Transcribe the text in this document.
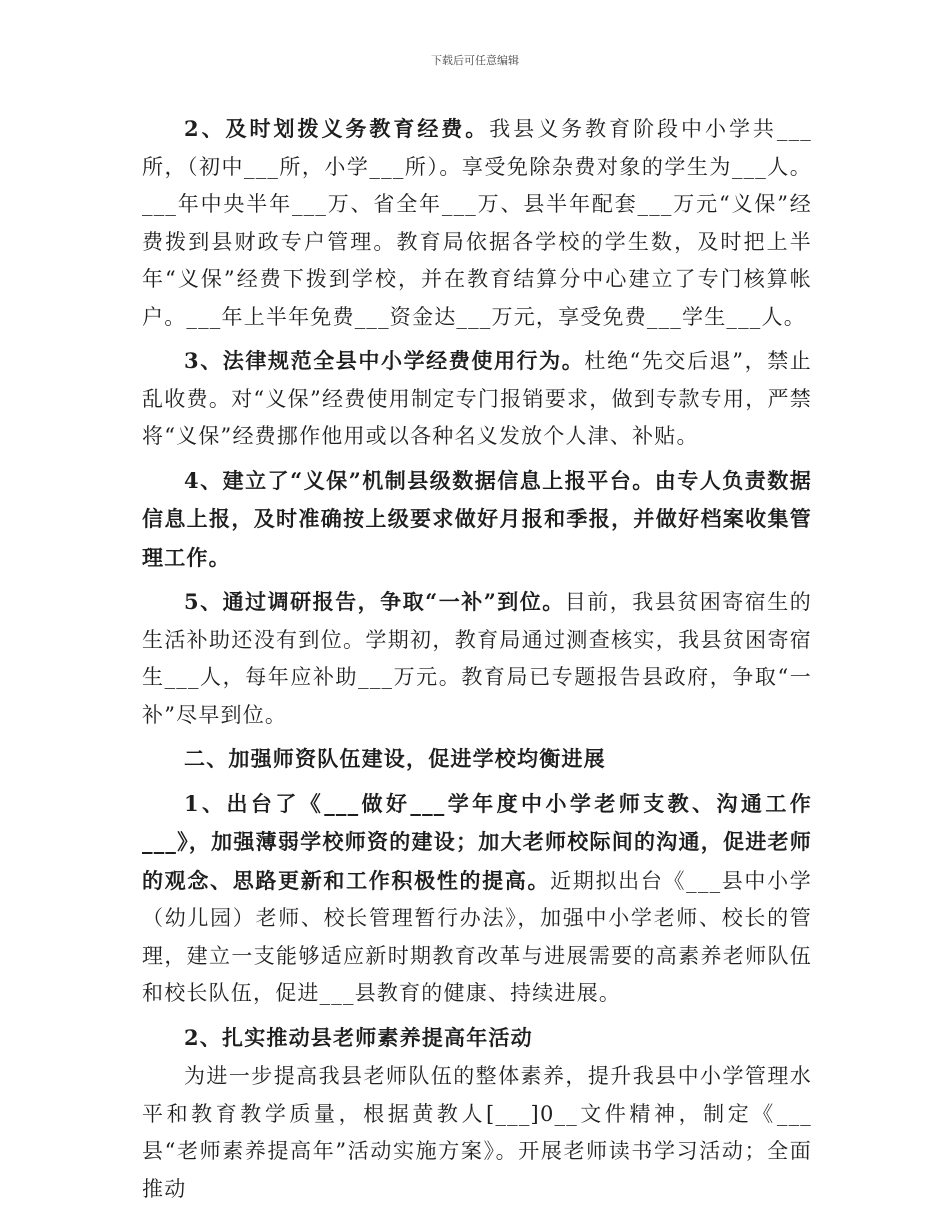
下载后可任意编辑

2、及时划拨义务教育经费。我县义务教育阶段中小学共___所，（初中___所，小学___所）。享受免除杂费对象的学生为___人。___年中央半年___万、省全年___万、县半年配套___万元“义保”经费拨到县财政专户管理。教育局依据各学校的学生数，及时把上半年“义保”经费下拨到学校，并在教育结算分中心建立了专门核算帐户。___年上半年免费___资金达___万元，享受免费___学生___人。

3、法律规范全县中小学经费使用行为。杜绝“先交后退”，禁止乱收费。对“义保”经费使用制定专门报销要求，做到专款专用，严禁将“义保”经费挪作他用或以各种名义发放个人津、补贴。

4、建立了“义保”机制县级数据信息上报平台。由专人负责数据信息上报，及时准确按上级要求做好月报和季报，并做好档案收集管理工作。

5、通过调研报告，争取“一补”到位。目前，我县贫困寄宿生的生活补助还没有到位。学期初，教育局通过测查核实，我县贫困寄宿生___人，每年应补助___万元。教育局已专题报告县政府，争取“一补”尽早到位。

二、加强师资队伍建设，促进学校均衡进展

1、出台了《___做好___学年度中小学老师支教、沟通工作___》，加强薄弱学校师资的建设；加大老师校际间的沟通，促进老师的观念、思路更新和工作积极性的提高。近期拟出台《___县中小学（幼儿园）老师、校长管理暂行办法》，加强中小学老师、校长的管理，建立一支能够适应新时期教育改革与进展需要的高素养老师队伍和校长队伍，促进___县教育的健康、持续进展。

2、扎实推动县老师素养提高年活动

为进一步提高我县老师队伍的整体素养，提升我县中小学管理水平和教育教学质量，根据黄教人[___]0__文件精神，制定《___县“老师素养提高年”活动实施方案》。开展老师读书学习活动；全面推动
